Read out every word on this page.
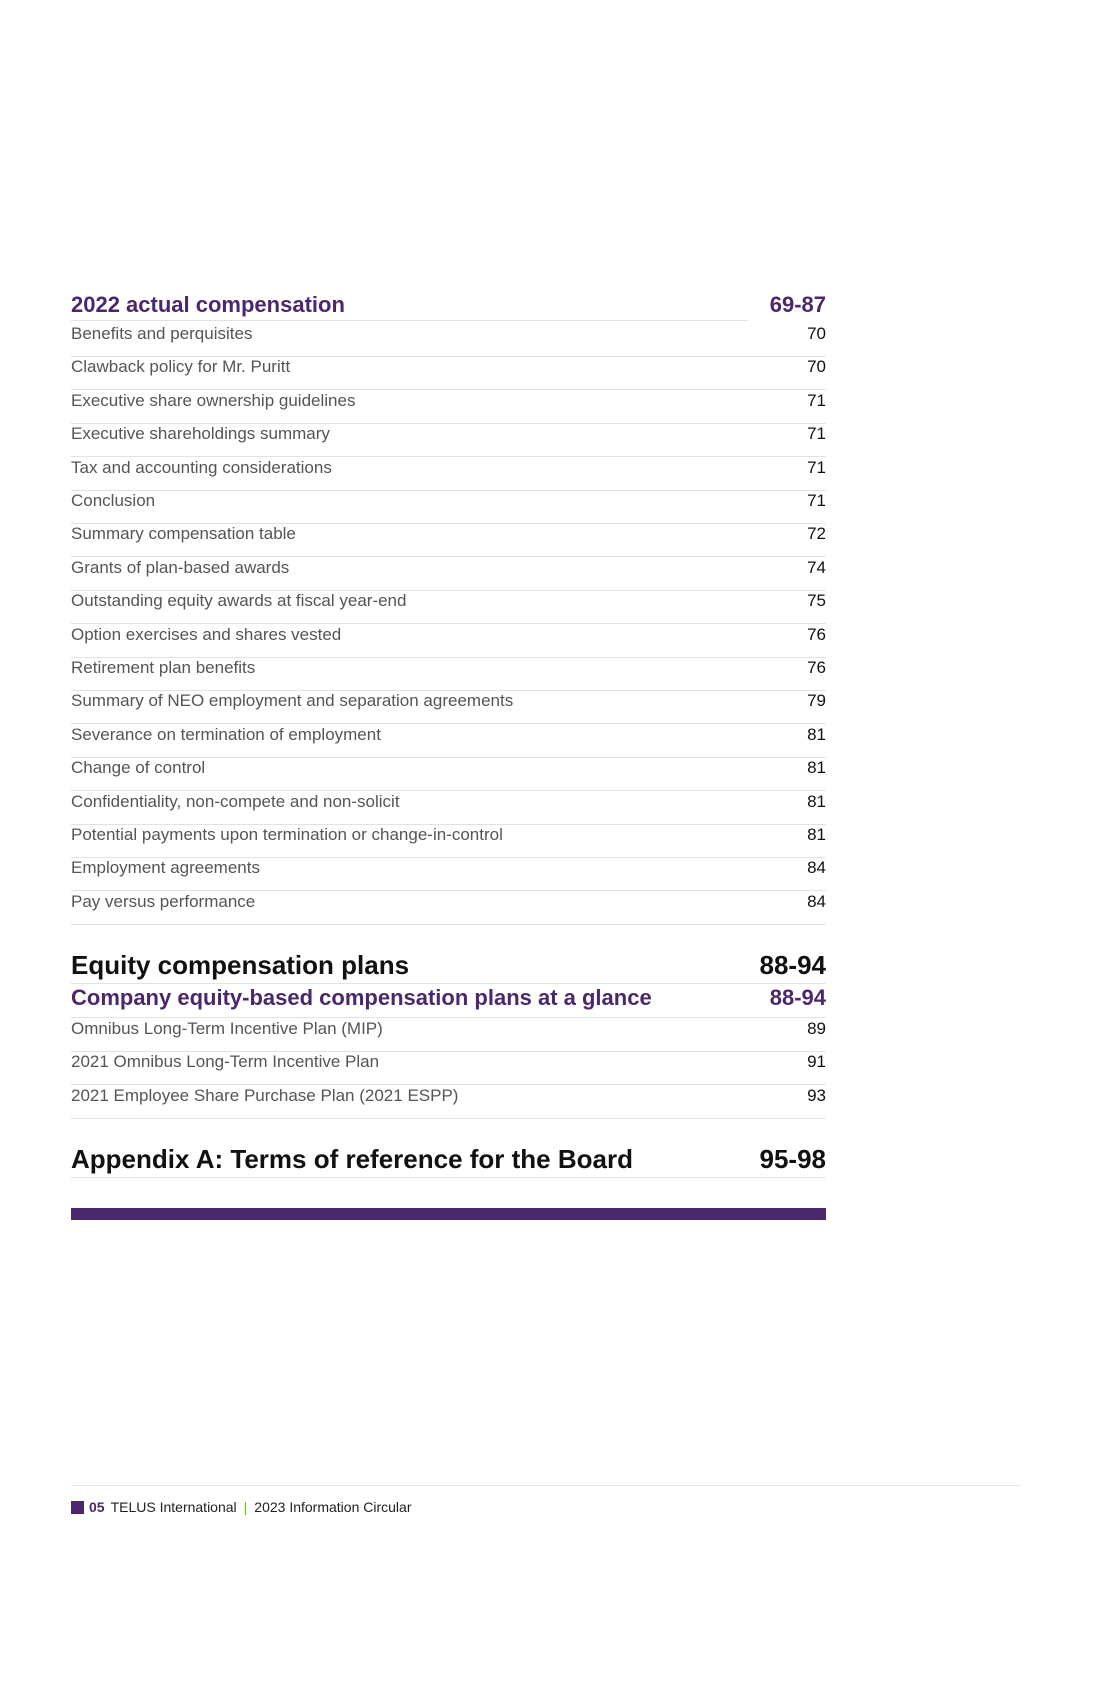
2022 actual compensation	69-87
Benefits and perquisites	70
Clawback policy for Mr. Puritt	70
Executive share ownership guidelines	71
Executive shareholdings summary	71
Tax and accounting considerations	71
Conclusion	71
Summary compensation table	72
Grants of plan-based awards	74
Outstanding equity awards at fiscal year-end	75
Option exercises and shares vested	76
Retirement plan benefits	76
Summary of NEO employment and separation agreements	79
Severance on termination of employment	81
Change of control	81
Confidentiality, non-compete and non-solicit	81
Potential payments upon termination or change-in-control	81
Employment agreements	84
Pay versus performance	84
Equity compensation plans	88-94
Company equity-based compensation plans at a glance	88-94
Omnibus Long-Term Incentive Plan (MIP)	89
2021 Omnibus Long-Term Incentive Plan	91
2021 Employee Share Purchase Plan (2021 ESPP)	93
Appendix A: Terms of reference for the Board	95-98
05 TELUS International | 2023 Information Circular
